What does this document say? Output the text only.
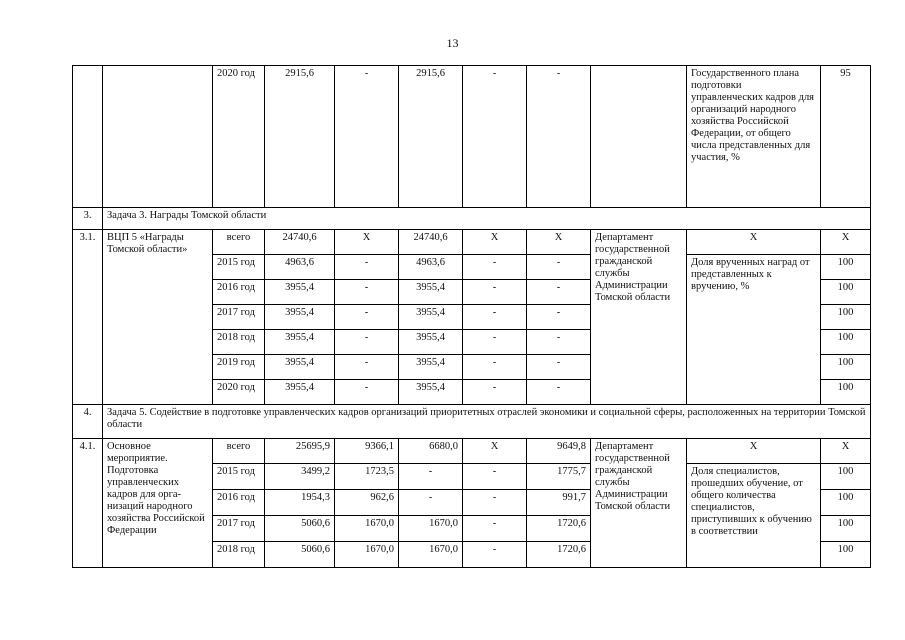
13
		2020 год	2915,6	-	2915,6	-	-		Государственного плана подготовки управленческих кадров для организаций народного хозяйства Российской Федерации, от общего числа представленных для участия, %	95
3.	Задача 3. Награды Томской области									
3.1.	ВЦП 5 «Награды Томской области»	всего	24740,6	Х	24740,6	Х	Х	Департамент государственной гражданской службы Администрации Томской области	Х	Х
		2015 год	4963,6	-	4963,6	-	-		Доля врученных наград от представленных к вручению, %	100
		2016 год	3955,4	-	3955,4	-	-			100
		2017 год	3955,4	-	3955,4	-	-			100
		2018 год	3955,4	-	3955,4	-	-			100
		2019 год	3955,4	-	3955,4	-	-			100
		2020 год	3955,4	-	3955,4	-	-			100
4.	Задача 5. Содействие в подготовке управленческих кадров организаций приоритетных отраслей экономики и социальной сферы, расположенных на территории Томской области									
4.1.	Основное мероприятие. Подготовка управленческих кадров для орга-низаций народного хозяйства Российской Федерации	всего	25695,9	9366,1	6680,0	Х	9649,8	Департамент государственной гражданской службы Администрации Томской области	Х	Х
		2015 год	3499,2	1723,5	-	-	1775,7		Доля специалистов, прошедших обучение, от общего количества специалистов, приступивших к обучению в соответствии	100
		2016 год	1954,3	962,6	-	-	991,7			100
		2017 год	5060,6	1670,0	1670,0	-	1720,6			100
		2018 год	5060,6	1670,0	1670,0	-	1720,6			100
